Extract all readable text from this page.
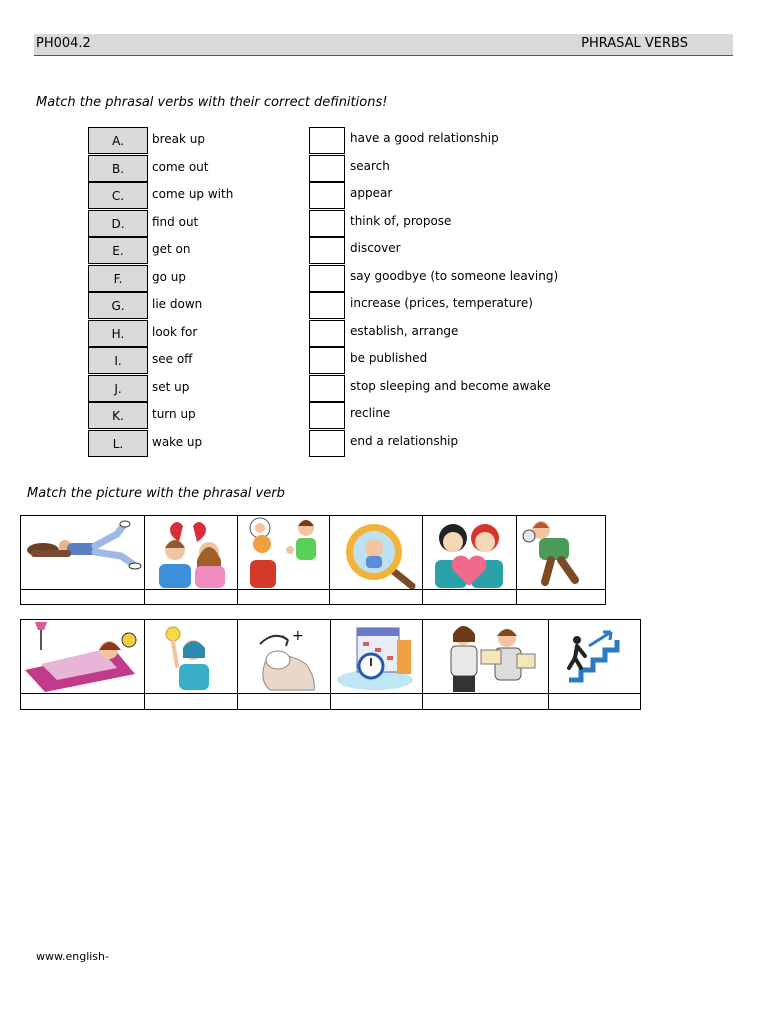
PH004.2	PHRASAL VERBS
Match the phrasal verbs with their correct definitions!
A.	break up	have a good relationship
B.	come out	search
C.	come up with	appear
D.	find out	think of, propose
E.	get on	discover
F.	go up	say goodbye (to someone leaving)
G.	lie down	increase (prices, temperature)
H.	look for	establish, arrange
I.	see off	be published
J.	set up	stop sleeping and become awake
K.	turn up	recline
L.	wake up	end a relationship
Match the picture with the phrasal verb
+
www.english-
